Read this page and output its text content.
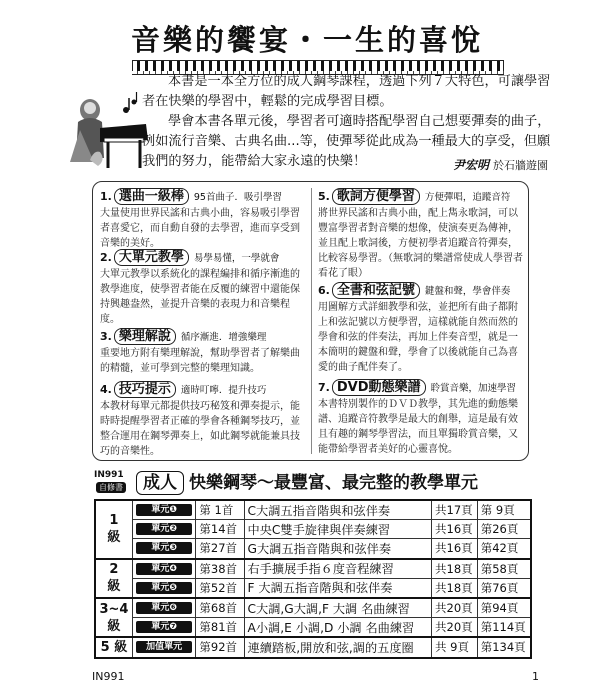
音樂的饗宴・一生的喜悅

本書是一本全方位的成人鋼琴課程，透過下列７大特色，可讓學習者在快樂的學習中，輕鬆的完成學習目標。

學會本書各單元後，學習者可適時搭配學習自己想要彈奏的曲子，例如流行音樂、古典名曲...等，使彈琴從此成為一種最大的享受，但願我們的努力，能帶給大家永遠的快樂！	尹宏明 於石牆遊園
1. 選曲一級棒 95首曲子．吸引學習
大量使用世界民謠和古典小曲，容易吸引學習者喜愛它，而自動自發的去學習，進而享受到音樂的美好。
2. 大單元教學 易學易懂，一學就會
大單元教學以系統化的課程編排和循序漸進的教學進度，使學習者能在反覆的練習中還能保持興趣盎然，並提升音樂的表現力和音樂程度。
3. 樂理解說 循序漸進．增強樂理
重要地方附有樂理解說，幫助學習者了解樂曲的精髓，並可學到完整的樂理知識。
4. 技巧提示 適時叮嚀．提升技巧
本教材每單元都提供技巧秘笈和彈奏提示，能時時提醒學習者正確的學會各種鋼琴技巧，並整合運用在鋼琴彈奏上，如此鋼琴就能兼具技巧的音樂性。
5. 歌詞方便學習 方便彈唱，追蹤音符
將世界民謠和古典小曲，配上雋永歌詞，可以豐富學習者對音樂的想像，使演奏更為傳神，並且配上歌詞後，方便初學者追蹤音符彈奏，比較容易學習。（無歌詞的樂譜常使成人學習者看花了眼）
6. 全書和弦記號 鍵盤和聲，學會伴奏
用圖解方式詳細教學和弦，並把所有曲子都附上和弦記號以方便學習，這樣就能自然而然的學會和弦的伴奏法，再加上伴奏音型，就是一本簡明的鍵盤和聲，學會了以後就能自己為喜愛的曲子配伴奏了。
7. DVD動態樂譜 聆賞音樂，加速學習
本書特別製作的ＤＶＤ教學，其先進的動態樂譜、追蹤音符教學是最大的創舉，這是最有效且有趣的鋼琴學習法，而且單獨聆賞音樂，又能帶給學習者美好的心靈喜悅。
IN991
自修書	成人 快樂鋼琴～最豐富、最完整的教學單元
1
級	單元❶	第 1首	C大調五指音階與和弦伴奏	共17頁	第 9頁

	單元❷	第14首	中央C雙手旋律與伴奏練習	共16頁	第26頁

	單元❸	第27首	G大調五指音階與和弦伴奏	共16頁	第42頁
2
級	單元❹	第38首	右手擴展手指６度音程練習	共18頁	第58頁

	單元❺	第52首	F 大調五指音階與和弦伴奏	共18頁	第76頁
3~4
級	單元❻	第68首	C大調,G大調,F 大調 名曲練習	共20頁	第94頁

	單元❼	第81首	A小調,E 小調,D 小調 名曲練習	共20頁	第114頁
5 級	加值單元	第92首	連續踏板,開放和弦,調的五度圈	共 9頁	第134頁
IN991	1
